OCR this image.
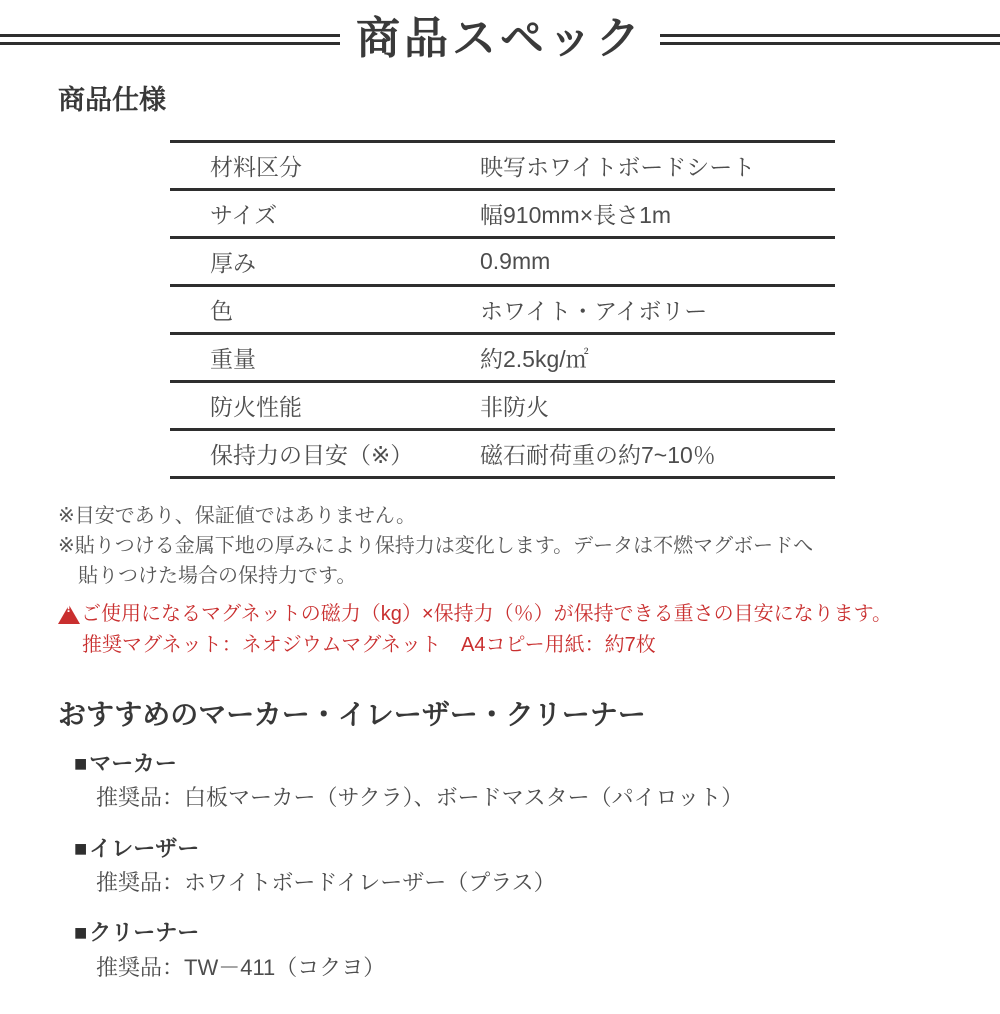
商品スペック
商品仕様
材料区分	映写ホワイトボードシート
サイズ	幅910mm×長さ1m
厚み	0.9mm
色	ホワイト・アイボリー
重量	約2.5kg/㎡
防火性能	非防火
保持力の目安（※）	磁石耐荷重の約7~10％
※目安であり、保証値ではありません。
※貼りつける金属下地の厚みにより保持力は変化します。データは不燃マグボードへ
貼りつけた場合の保持力です。
!
ご使用になるマグネットの磁力（kg）×保持力（％）が保持できる重さの目安になります。
推奨マグネット：ネオジウムマグネット　A4コピー用紙：約7枚
おすすめのマーカー・イレーザー・クリーナー
■ マーカー
推奨品：白板マーカー（サクラ）、ボードマスター（パイロット）
■ イレーザー
推奨品：ホワイトボードイレーザー（プラス）
■ クリーナー
推奨品：TW－411（コクヨ）
